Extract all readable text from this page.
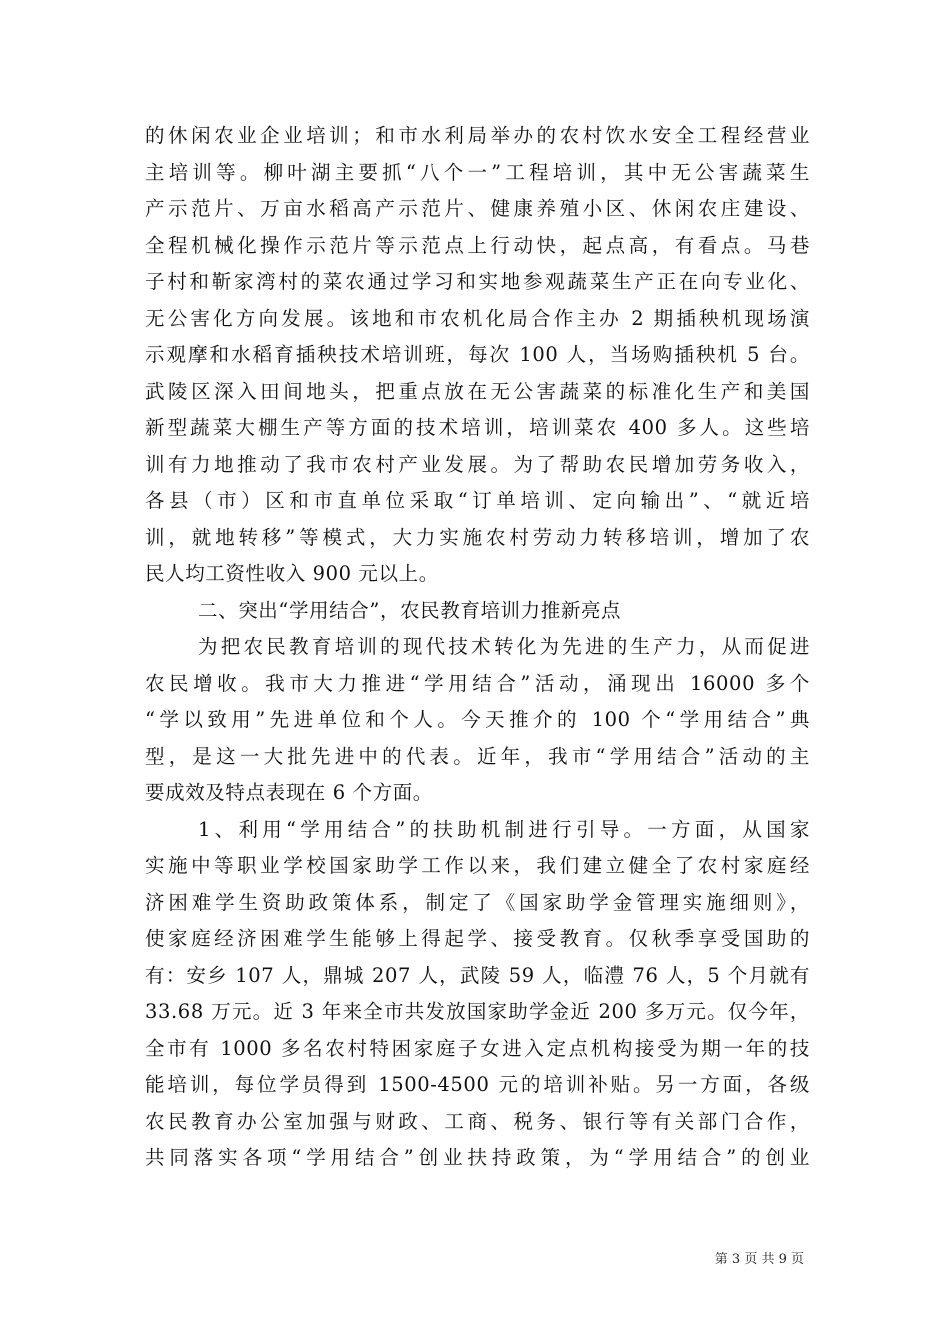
的休闲农业企业培训；和市水利局举办的农村饮水安全工程经营业
主培训等。柳叶湖主要抓“八个一”工程培训，其中无公害蔬菜生
产示范片、万亩水稻高产示范片、健康养殖小区、休闲农庄建设、
全程机械化操作示范片等示范点上行动快，起点高，有看点。马巷
子村和靳家湾村的菜农通过学习和实地参观蔬菜生产正在向专业化、
无公害化方向发展。该地和市农机化局合作主办 2 期插秧机现场演
示观摩和水稻育插秧技术培训班，每次 100 人，当场购插秧机 5 台。
武陵区深入田间地头，把重点放在无公害蔬菜的标准化生产和美国
新型蔬菜大棚生产等方面的技术培训，培训菜农 400 多人。这些培
训有力地推动了我市农村产业发展。为了帮助农民增加劳务收入，
各县（市）区和市直单位采取“订单培训、定向输出”、“就近培
训，就地转移”等模式，大力实施农村劳动力转移培训，增加了农
民人均工资性收入 900 元以上。
二、突出“学用结合”，农民教育培训力推新亮点
为把农民教育培训的现代技术转化为先进的生产力，从而促进
农民增收。我市大力推进“学用结合”活动，涌现出 16000 多个
“学以致用”先进单位和个人。今天推介的 100 个“学用结合”典
型，是这一大批先进中的代表。近年，我市“学用结合”活动的主
要成效及特点表现在 6 个方面。
1、利用“学用结合”的扶助机制进行引导。一方面，从国家
实施中等职业学校国家助学工作以来，我们建立健全了农村家庭经
济困难学生资助政策体系，制定了《国家助学金管理实施细则》，
使家庭经济困难学生能够上得起学、接受教育。仅秋季享受国助的
有：安乡 107 人，鼎城 207 人，武陵 59 人，临澧 76 人，5 个月就有
33.68 万元。近 3 年来全市共发放国家助学金近 200 多万元。仅今年，
全市有 1000 多名农村特困家庭子女进入定点机构接受为期一年的技
能培训，每位学员得到 1500-4500 元的培训补贴。另一方面，各级
农民教育办公室加强与财政、工商、税务、银行等有关部门合作，
共同落实各项“学用结合”创业扶持政策，为“学用结合”的创业
第 3 页 共 9 页
